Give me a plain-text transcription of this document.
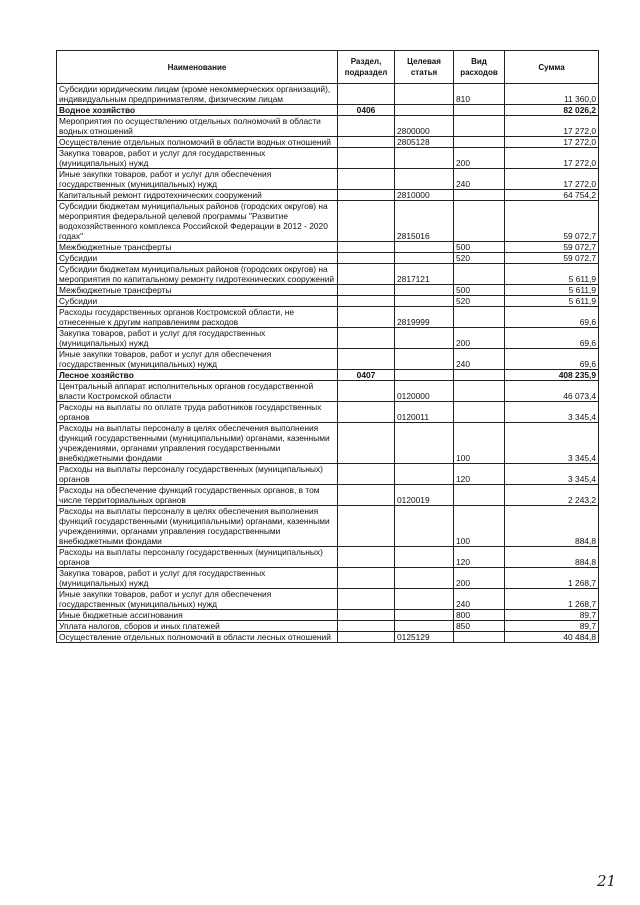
Наименование	Раздел, подраздел	Целевая статья	Вид расходов	Сумма
Субсидии юридическим лицам (кроме некоммерческих организаций), индивидуальным предпринимателям, физическим лицам			810	11 360,0
Водное хозяйство	0406			82 026,2
Мероприятия по осуществлению отдельных полномочий в области водных отношений		2800000		17 272,0
Осуществление отдельных полномочий в области водных отношений		2805128		17 272,0
Закупка товаров, работ и услуг для государственных (муниципальных) нужд			200	17 272,0
Иные закупки товаров, работ и услуг для обеспечения государственных (муниципальных) нужд			240	17 272,0
Капитальный ремонт гидротехнических сооружений		2810000		64 754,2
Субсидии бюджетам муниципальных районов (городских округов) на мероприятия федеральной целевой программы "Развитие водохозяйственного комплекса Российской Федерации в 2012 - 2020 годах"		2815016		59 072,7
Межбюджетные трансферты			500	59 072,7
Субсидии			520	59 072,7
Субсидии бюджетам муниципальных районов (городских округов) на мероприятия по капитальному ремонту гидротехнических сооружений		2817121		5 611,9
Межбюджетные трансферты			500	5 611,9
Субсидии			520	5 611,9
Расходы государственных органов Костромской области, не отнесенные к другим направлениям расходов		2819999		69,6
Закупка товаров, работ и услуг для государственных (муниципальных) нужд			200	69,6
Иные закупки товаров, работ и услуг для обеспечения государственных (муниципальных) нужд			240	69,6
Лесное хозяйство	0407			408 235,9
Центральный аппарат исполнительных органов государственной власти Костромской области		0120000		46 073,4
Расходы на выплаты по оплате труда работников государственных органов		0120011		3 345,4
Расходы на выплаты персоналу в целях обеспечения выполнения функций государственными (муниципальными) органами, казенными учреждениями, органами управления государственными внебюджетными фондами			100	3 345,4
Расходы на выплаты персоналу государственных (муниципальных) органов			120	3 345,4
Расходы на обеспечение функций государственных органов, в том числе территориальных органов		0120019		2 243,2
Расходы на выплаты персоналу в целях обеспечения выполнения функций государственными (муниципальными) органами, казенными учреждениями, органами управления государственными внебюджетными фондами			100	884,8
Расходы на выплаты персоналу государственных (муниципальных) органов			120	884,8
Закупка товаров, работ и услуг для государственных (муниципальных) нужд			200	1 268,7
Иные закупки товаров, работ и услуг для обеспечения государственных (муниципальных) нужд			240	1 268,7
Иные бюджетные ассигнования			800	89,7
Уплата налогов, сборов и иных платежей			850	89,7
Осуществление отдельных полномочий в области лесных отношений		0125129		40 484,8
21
